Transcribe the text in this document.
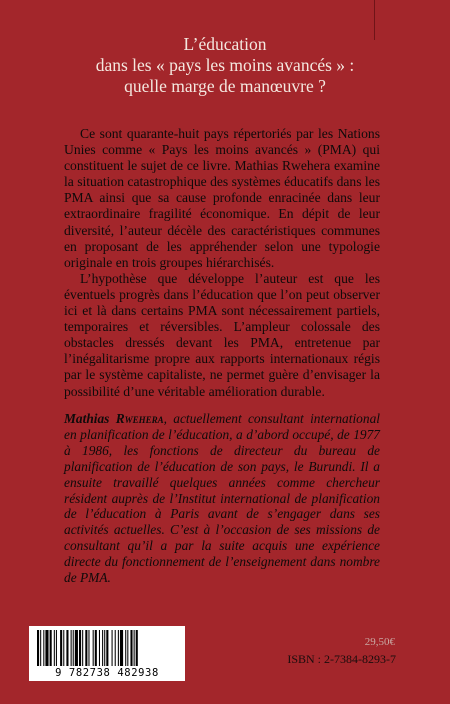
L’éducation
dans les « pays les moins avancés » :
quelle marge de manœuvre ?

Ce sont quarante-huit pays répertoriés par les Nations Unies comme « Pays les moins avancés » (PMA) qui constituent le sujet de ce livre. Mathias Rwehera examine la situation catastrophique des systèmes éducatifs dans les PMA ainsi que sa cause profonde enracinée dans leur extraordinaire fragilité économique. En dépit de leur diversité, l’auteur décèle des caractéristiques communes en proposant de les appréhender selon une typologie originale en trois groupes hiérarchisés.

L’hypothèse que développe l’auteur est que les éventuels progrès dans l’éducation que l’on peut observer ici et là dans certains PMA sont nécessairement partiels, temporaires et réversibles. L’ampleur colossale des obstacles dressés devant les PMA, entretenue par l’inégalitarisme propre aux rapports internationaux régis par le système capitaliste, ne permet guère d’envisager la possibilité d’une véritable amélioration durable.

Mathias Rwehera, actuellement consultant international en planification de l’éducation, a d’abord occupé, de 1977 à 1986, les fonctions de directeur du bureau de planification de l’éducation de son pays, le Burundi. Il a ensuite travaillé quelques années comme chercheur résident auprès de l’Institut international de planification de l’éducation à Paris avant de s’engager dans ses activités actuelles. C’est à l’occasion de ses missions de consultant qu’il a par la suite acquis une expérience directe du fonctionnement de l’enseignement dans nombre de PMA.
9 782738 482938
29,50€
ISBN : 2-7384-8293-7
